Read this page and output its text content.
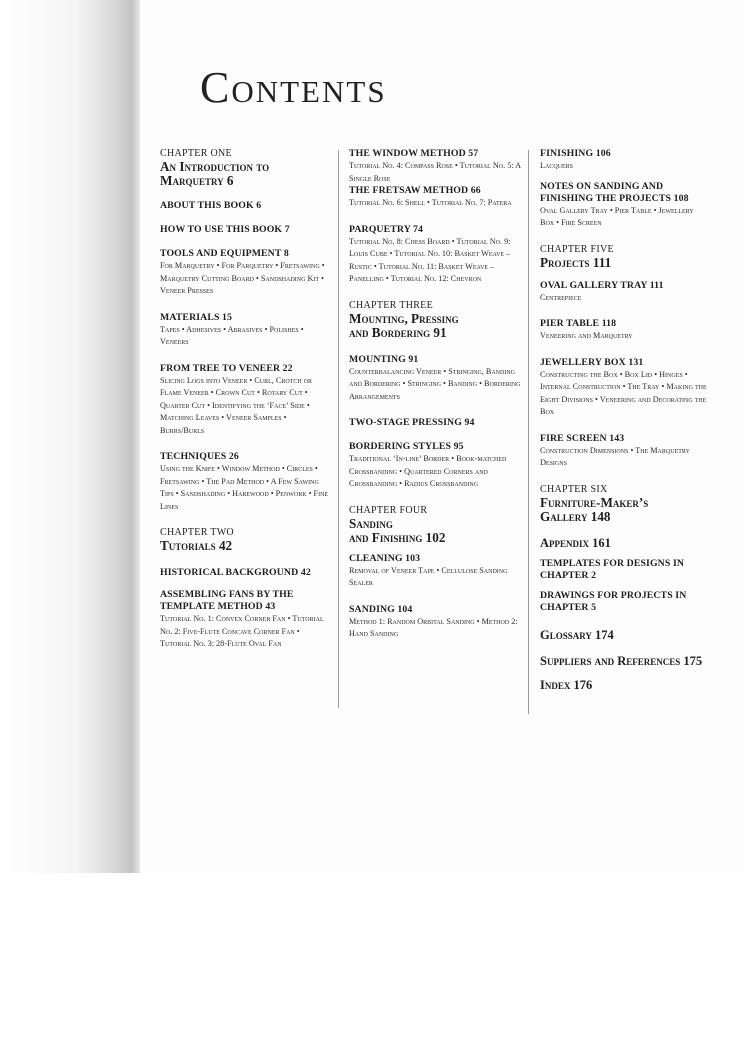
Contents
CHAPTER ONE
An Introduction to
Marquetry 6
ABOUT THIS BOOK 6
HOW TO USE THIS BOOK 7
TOOLS AND EQUIPMENT 8
For Marquetry • For Parquetry • Fretsawing • Marquetry Cutting Board • Sandshading Kit • Veneer Presses
MATERIALS 15
Tapes • Adhesives • Abrasives • Polishes • Veneers
FROM TREE TO VENEER 22
Slicing Logs into Veneer • Curl, Crotch or Flame Veneer • Crown Cut • Rotary Cut • Quarter Cut • Identifying the ‘Face’ Side • Matching Leaves • Veneer Samples • Burrs/Burls
TECHNIQUES 26
Using the Knife • Window Method • Circles • Fretsawing • The Pad Method • A Few Sawing Tips • Sandshading • Harewood • Penwork • Fine Lines
CHAPTER TWO
Tutorials 42
HISTORICAL BACKGROUND 42
ASSEMBLING FANS BY THE TEMPLATE METHOD 43
Tutorial No. 1: Convex Corner Fan • Tutorial No. 2: Five-Flute Concave Corner Fan • Tutorial No. 3: 28-Flute Oval Fan
THE WINDOW METHOD 57
Tutorial No. 4: Compass Rose • Tutorial No. 5: A Single Rose
THE FRETSAW METHOD 66
Tutorial No. 6: Shell • Tutorial No. 7: Patera
PARQUETRY 74
Tutorial No. 8: Chess Board • Tutorial No. 9: Louis Cube • Tutorial No. 10: Basket Weave – Rustic • Tutorial No. 11: Basket Weave – Panelling • Tutorial No. 12: Chevron
CHAPTER THREE
Mounting, Pressing
and Bordering 91
MOUNTING 91
Counterbalancing Veneer • Stringing, Banding and Bordering • Stringing • Banding • Bordering Arrangements
TWO-STAGE PRESSING 94
BORDERING STYLES 95
Traditional ‘In-line’ Border • Book-matched Crossbanding • Quartered Corners and Crossbanding • Radius Crossbanding
CHAPTER FOUR
Sanding
and Finishing 102
CLEANING 103
Removal of Veneer Tape • Cellulose Sanding Sealer
SANDING 104
Method 1: Random Orbital Sanding • Method 2: Hand Sanding
FINISHING 106
Lacquers
NOTES ON SANDING AND FINISHING THE PROJECTS 108
Oval Gallery Tray • Pier Table • Jewellery Box • Fire Screen
CHAPTER FIVE
Projects 111
OVAL GALLERY TRAY 111
Centrepiece
PIER TABLE 118
Veneering and Marquetry
JEWELLERY BOX 131
Constructing the Box • Box Lid • Hinges • Internal Construction • The Tray • Making the Eight Divisions • Veneering and Decorating the Box
FIRE SCREEN 143
Construction Dimensions • The Marquetry Designs
CHAPTER SIX
Furniture-Maker’s
Gallery 148
Appendix 161
TEMPLATES FOR DESIGNS IN CHAPTER 2
DRAWINGS FOR PROJECTS IN CHAPTER 5
Glossary 174
Suppliers and References 175
Index 176
